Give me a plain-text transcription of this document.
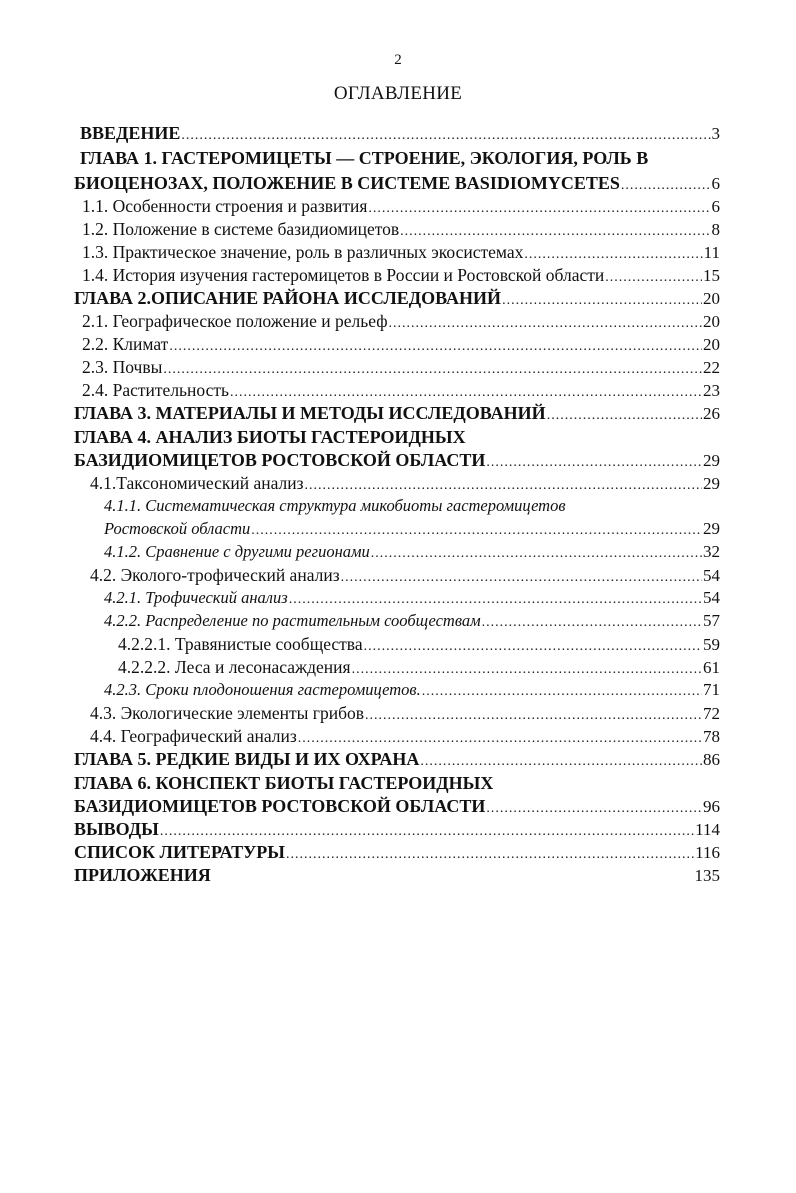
2
ОГЛАВЛЕНИЕ
ВВЕДЕНИЕ .....	3
ГЛАВА 1. ГАСТЕРОМИЦЕТЫ — СТРОЕНИЕ, ЭКОЛОГИЯ, РОЛЬ В
БИОЦЕНОЗАХ, ПОЛОЖЕНИЕ В СИСТЕМЕ BASIDIOMYCETES .....	6
1.1. Особенности строения и развития .....	6
1.2. Положение в системе базидиомицетов .....	8
1.3. Практическое значение, роль в различных экосистемах .....	11
1.4. История изучения гастеромицетов в России и Ростовской области .....	15
ГЛАВА 2.ОПИСАНИЕ РАЙОНА ИССЛЕДОВАНИЙ .....	20
2.1. Географическое положение и рельеф .....	20
2.2. Климат .....	20
2.3. Почвы .....	22
2.4. Растительность .....	23
ГЛАВА 3. МАТЕРИАЛЫ И МЕТОДЫ ИССЛЕДОВАНИЙ .....	26
ГЛАВА 4. АНАЛИЗ БИОТЫ ГАСТЕРОИДНЫХ
БАЗИДИОМИЦЕТОВ РОСТОВСКОЙ ОБЛАСТИ .....	29
4.1.Таксономический анализ .....	29
4.1.1. Систематическая структура микобиоты гастеромицетов
Ростовской области .....	29
4.1.2. Сравнение с другими регионами .....	32
4.2. Эколого-трофический анализ .....	54
4.2.1. Трофический анализ .....	54
4.2.2. Распределение по растительным сообществам .....	57
4.2.2.1. Травянистые сообщества .....	59
4.2.2.2. Леса и лесонасаждения .....	61
4.2.3. Сроки плодоношения гастеромицетов. .....	71
4.3. Экологические элементы грибов .....	72
4.4. Географический анализ .....	78
ГЛАВА 5. РЕДКИЕ ВИДЫ И ИХ ОХРАНА .....	86
ГЛАВА 6. КОНСПЕКТ БИОТЫ ГАСТЕРОИДНЫХ
БАЗИДИОМИЦЕТОВ РОСТОВСКОЙ ОБЛАСТИ .....	96
ВЫВОДЫ .....	114
СПИСОК ЛИТЕРАТУРЫ .....	116
ПРИЛОЖЕНИЯ	135
